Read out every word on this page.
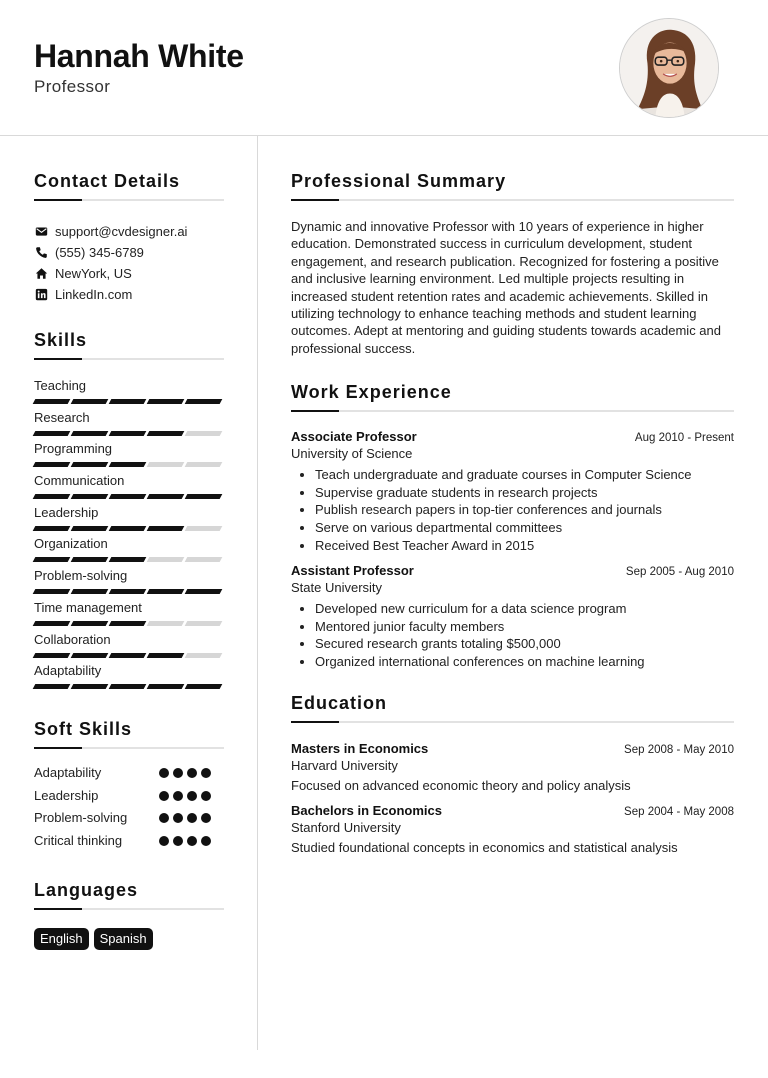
Hannah White
Professor
Contact Details
support@cvdesigner.ai
(555) 345-6789
NewYork, US
LinkedIn.com
Skills
Teaching
Research
Programming
Communication
Leadership
Organization
Problem-solving
Time management
Collaboration
Adaptability
Soft Skills
Adaptability
Leadership
Problem-solving
Critical thinking
Languages
English	Spanish
Professional Summary

Dynamic and innovative Professor with 10 years of experience in higher education. Demonstrated success in curriculum development, student engagement, and research publication. Recognized for fostering a positive and inclusive learning environment. Led multiple projects resulting in increased student retention rates and academic achievements. Skilled in utilizing technology to enhance teaching methods and student learning outcomes. Adept at mentoring and guiding students towards academic and professional success.

Work Experience
Associate Professor	Aug 2010 - Present
University of Science
• Teach undergraduate and graduate courses in Computer Science
• Supervise graduate students in research projects
• Publish research papers in top-tier conferences and journals
• Serve on various departmental committees
• Received Best Teacher Award in 2015
Assistant Professor	Sep 2005 - Aug 2010
State University
• Developed new curriculum for a data science program
• Mentored junior faculty members
• Secured research grants totaling $500,000
• Organized international conferences on machine learning
Education
Masters in Economics	Sep 2008 - May 2010
Harvard University
Focused on advanced economic theory and policy analysis
Bachelors in Economics	Sep 2004 - May 2008
Stanford University
Studied foundational concepts in economics and statistical analysis
